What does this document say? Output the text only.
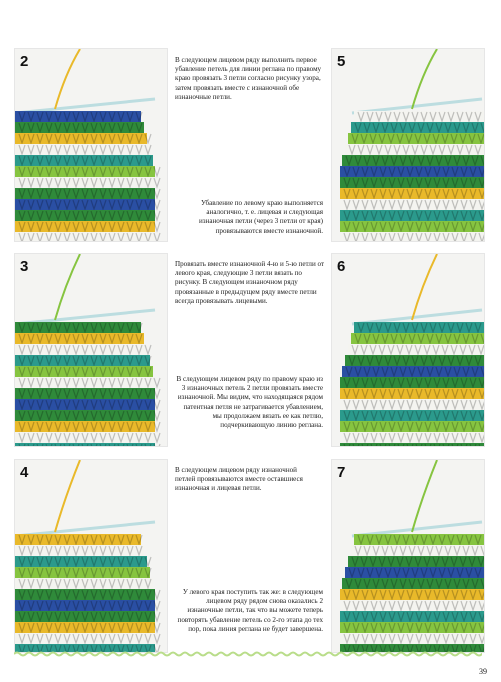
2
3
4
5
6
7
В следующем лицевом ряду выполнить первое убавление петель для линии реглана по правому краю провязать 3 петли согласно рисунку узора, затем провязать вместе с изнаночной обе изнаночные петли.
Убавление по левому краю выполняется аналогично, т. е. лицевая и следующая изнаночная петли (через 3 петли от края) провязываются вместе изнаночной.
Провязать вместе изнаночной 4-ю и 5-ю петли от левого края, следующие 3 петли вязать по рисунку. В следующем изнаночном ряду провязанные в предыдущем ряду вместе петли всегда провязывать лицевыми.
В следующем лицевом ряду по правому краю из 3 изнаночных петель 2 петли провязать вместе изнаночной. Мы видим, что находящаяся рядом патентная петля не затрагивается убавлением, мы продолжаем вязать ее как петлю, подчеркивающую линию реглана.
В следующем лицевом ряду изнаночной петлей провязываются вместе оставшиеся изнаночная и лицевая петли.
У левого края поступить так же: в следующем лицевом ряду рядом снова оказались 2 изнаночные петли, так что вы можете теперь повторять убавление петель со 2-го этапа до тех пор, пока линия реглана не будет завершена.
39
